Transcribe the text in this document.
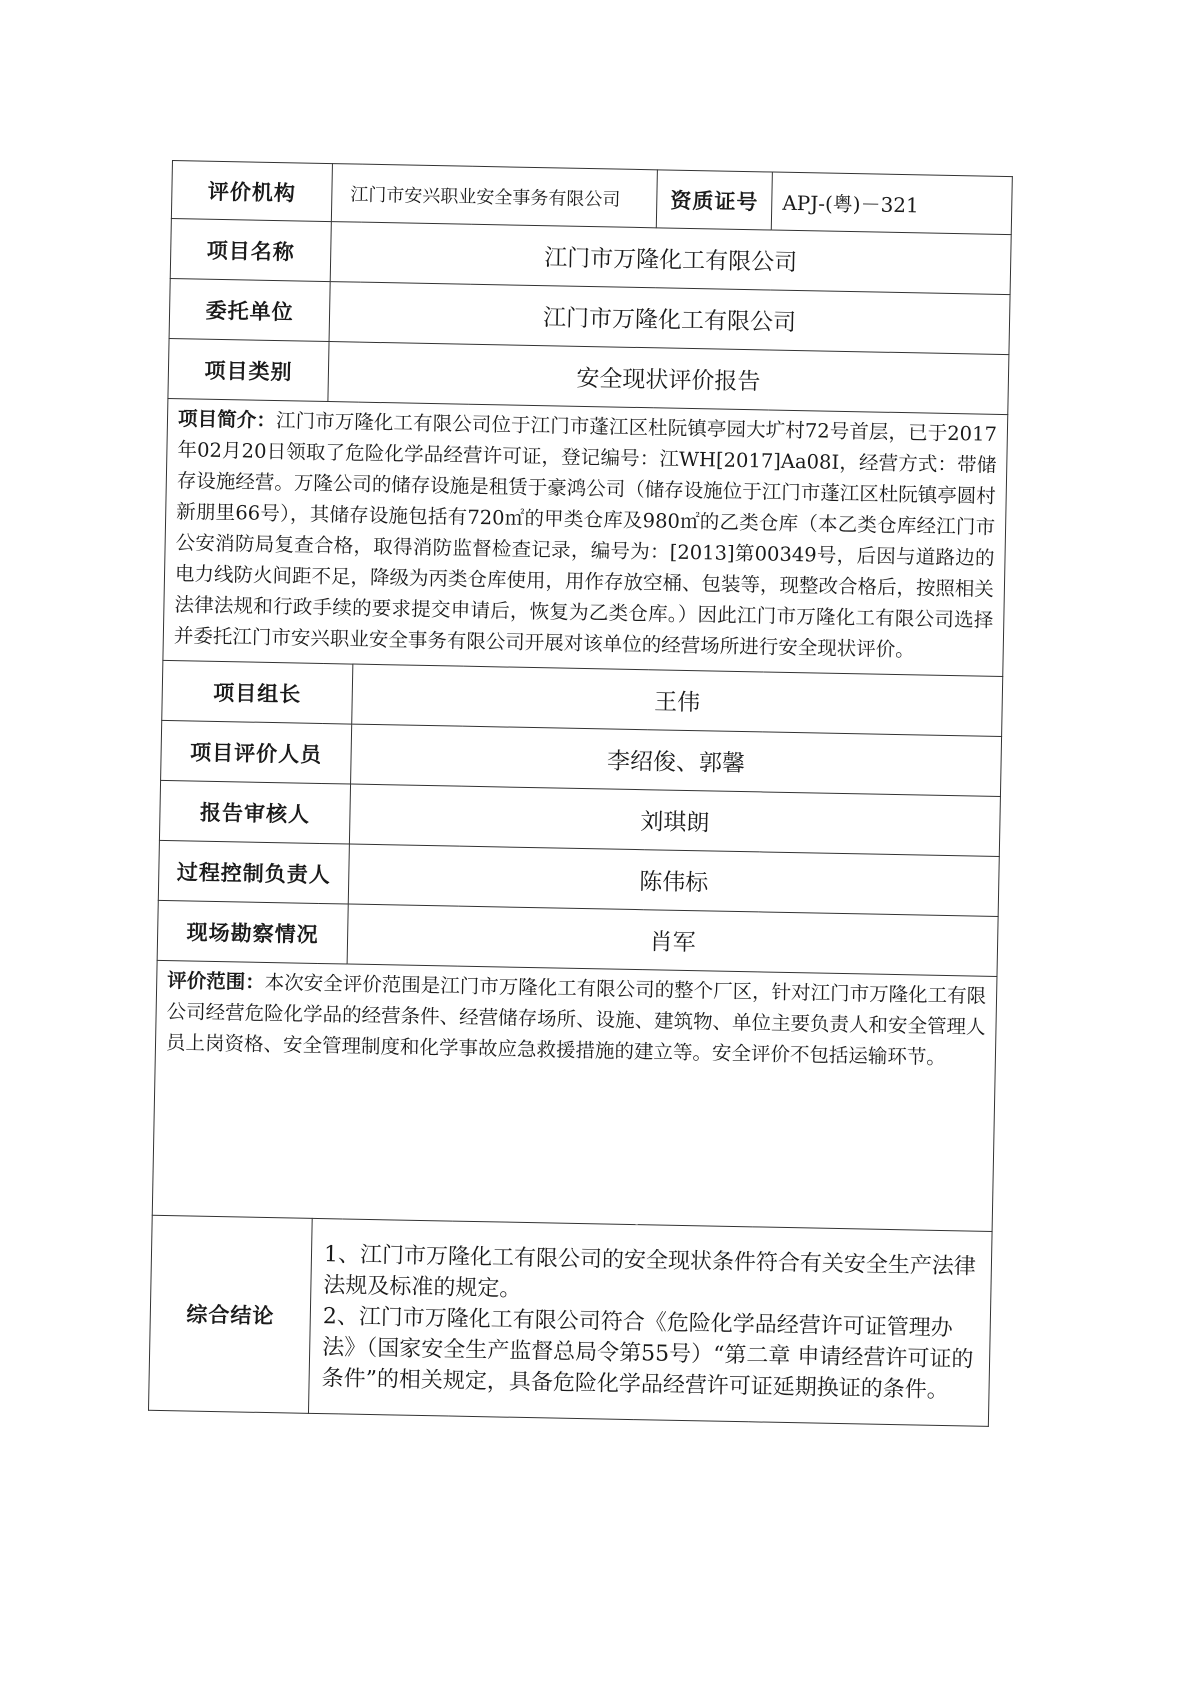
评价机构	江门市安兴职业安全事务有限公司		资质证号	APJ-(粤)－321
项目名称	江门市万隆化工有限公司			
委托单位	江门市万隆化工有限公司			
项目类别	安全现状评价报告			
项目简介：江门市万隆化工有限公司位于江门市蓬江区杜阮镇亭园大圹村72号首层，已于2017年02月20日领取了危险化学品经营许可证，登记编号：江WH[2017]Aa08Ⅰ，经营方式：带储存设施经营。万隆公司的储存设施是租赁于豪鸿公司（储存设施位于江门市蓬江区杜阮镇亭圆村新朋里66号），其储存设施包括有720㎡的甲类仓库及980㎡的乙类仓库（本乙类仓库经江门市公安消防局复查合格，取得消防监督检查记录，编号为：[2013]第00349号，后因与道路边的电力线防火间距不足，降级为丙类仓库使用，用作存放空桶、包装等，现整改合格后，按照相关法律法规和行政手续的要求提交申请后，恢复为乙类仓库。）因此江门市万隆化工有限公司选择并委托江门市安兴职业安全事务有限公司开展对该单位的经营场所进行安全现状评价。				
项目组长		王伟		
项目评价人员		李绍俊、郭馨		
报告审核人		刘琪朗		
过程控制负责人		陈伟标		
现场勘察情况		肖军		
评价范围：本次安全评价范围是江门市万隆化工有限公司的整个厂区，针对江门市万隆化工有限公司经营危险化学品的经营条件、经营储存场所、设施、建筑物、单位主要负责人和安全管理人员上岗资格、安全管理制度和化学事故应急救援措施的建立等。安全评价不包括运输环节。				
综合结论	1、江门市万隆化工有限公司的安全现状条件符合有关安全生产法律法规及标准的规定。

2、江门市万隆化工有限公司符合《危险化学品经营许可证管理办法》（国家安全生产监督总局令第55号）“第二章 申请经营许可证的条件”的相关规定，具备危险化学品经营许可证延期换证的条件。			
